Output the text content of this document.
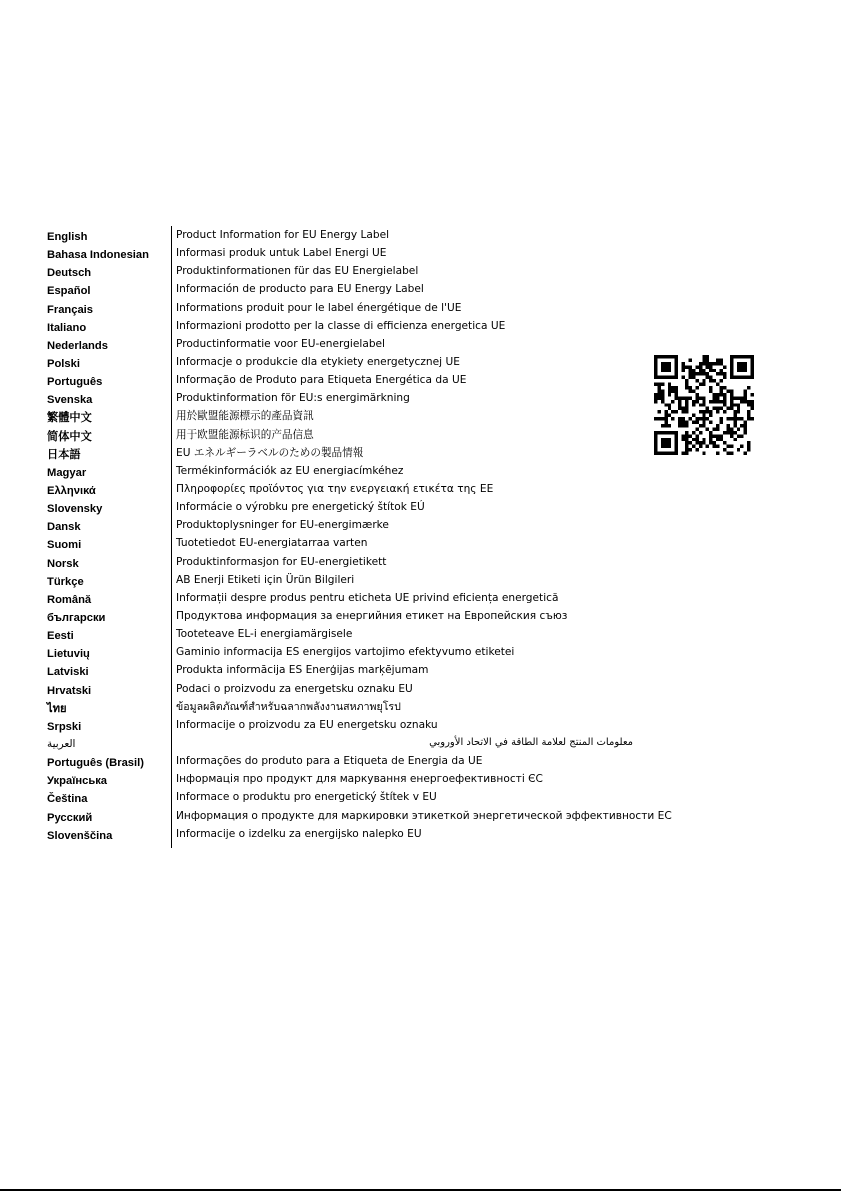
English	Product Information for EU Energy Label
Bahasa Indonesian	Informasi produk untuk Label Energi UE
Deutsch	Produktinformationen für das EU Energielabel
Español	Información de producto para EU Energy Label
Français	Informations produit pour le label énergétique de l'UE
Italiano	Informazioni prodotto per la classe di efficienza energetica UE
Nederlands	Productinformatie voor EU-energielabel
Polski	Informacje o produkcie dla etykiety energetycznej UE
Português	Informação de Produto para Etiqueta Energética da UE
Svenska	Produktinformation för EU:s energimärkning
繁體中文	用於歐盟能源標示的產品資訊
简体中文	用于欧盟能源标识的产品信息
日本語	EU エネルギーラベルのための製品情報
Magyar	Termékinformációk az EU energiacímkéhez
Ελληνικά	Πληροφορίες προϊόντος για την ενεργειακή ετικέτα της ΕΕ
Slovensky	Informácie o výrobku pre energetický štítok EÚ
Dansk	Produktoplysninger for EU-energimærke
Suomi	Tuotetiedot EU-energiatarraa varten
Norsk	Produktinformasjon for EU-energietikett
Türkçe	AB Enerji Etiketi için Ürün Bilgileri
Română	Informații despre produs pentru eticheta UE privind eficiența energetică
български	Продуктова информация за енергийния етикет на Европейския съюз
Eesti	Tooteteave EL-i energiamärgisele
Lietuvių	Gaminio informacija ES energijos vartojimo efektyvumo etiketei
Latviski	Produkta informācija ES Enerģijas marķējumam
Hrvatski	Podaci o proizvodu za energetsku oznaku EU
ไทย	ข้อมูลผลิตภัณฑ์สำหรับฉลากพลังงานสหภาพยุโรป
Srpski	Informacije o proizvodu za EU energetsku oznaku
العربية	معلومات المنتج لعلامة الطاقة في الاتحاد الأوروبي
Português (Brasil)	Informações do produto para a Etiqueta de Energia da UE
Українська	Інформація про продукт для маркування енергоефективності ЄС
Čeština	Informace o produktu pro energetický štítek v EU
Русский	Информация о продукте для маркировки этикеткой энергетической эффективности ЕС
Slovenščina	Informacije o izdelku za energijsko nalepko EU
